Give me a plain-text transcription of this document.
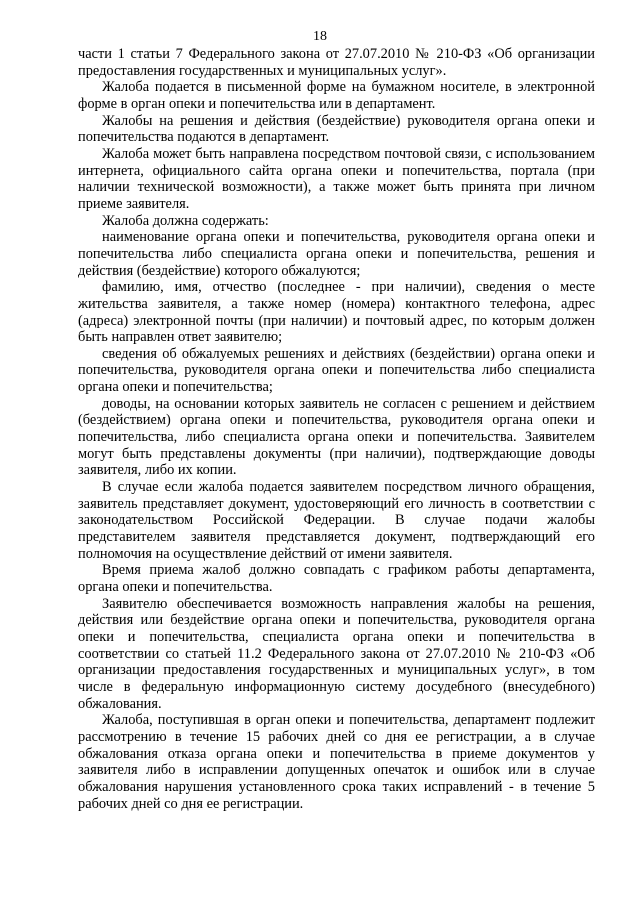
18

части 1 статьи 7 Федерального закона от 27.07.2010 № 210-ФЗ «Об организации предоставления государственных и муниципальных услуг».

Жалоба подается в письменной форме на бумажном носителе, в электронной форме в орган опеки и попечительства или в департамент.

Жалобы на решения и действия (бездействие) руководителя органа опеки и попечительства подаются в департамент.

Жалоба может быть направлена посредством почтовой связи, с использованием интернета, официального сайта органа опеки и попечительства, портала (при наличии технической возможности), а также может быть принята при личном приеме заявителя.

Жалоба должна содержать:

наименование органа опеки и попечительства, руководителя органа опеки и попечительства либо специалиста органа опеки и попечительства, решения и действия (бездействие) которого обжалуются;

фамилию, имя, отчество (последнее - при наличии), сведения о месте жительства заявителя, а также номер (номера) контактного телефона, адрес (адреса) электронной почты (при наличии) и почтовый адрес, по которым должен быть направлен ответ заявителю;

сведения об обжалуемых решениях и действиях (бездействии) органа опеки и попечительства, руководителя органа опеки и попечительства либо специалиста органа опеки и попечительства;

доводы, на основании которых заявитель не согласен с решением и действием (бездействием) органа опеки и попечительства, руководителя органа опеки и попечительства, либо специалиста органа опеки и попечительства. Заявителем могут быть представлены документы (при наличии), подтверждающие доводы заявителя, либо их копии.

В случае если жалоба подается заявителем посредством личного обращения, заявитель представляет документ, удостоверяющий его личность в соответствии с законодательством Российской Федерации. В случае подачи жалобы представителем заявителя представляется документ, подтверждающий его полномочия на осуществление действий от имени заявителя.

Время приема жалоб должно совпадать с графиком работы департамента, органа опеки и попечительства.

Заявителю обеспечивается возможность направления жалобы на решения, действия или бездействие органа опеки и попечительства, руководителя органа опеки и попечительства, специалиста органа опеки и попечительства в соответствии со статьей 11.2 Федерального закона от 27.07.2010 № 210-ФЗ «Об организации предоставления государственных и муниципальных услуг», в том числе в федеральную информационную систему досудебного (внесудебного) обжалования.

Жалоба, поступившая в орган опеки и попечительства, департамент подлежит рассмотрению в течение 15 рабочих дней со дня ее регистрации, а в случае обжалования отказа органа опеки и попечительства в приеме документов у заявителя либо в исправлении допущенных опечаток и ошибок или в случае обжалования нарушения установленного срока таких исправлений - в течение 5 рабочих дней со дня ее регистрации.
